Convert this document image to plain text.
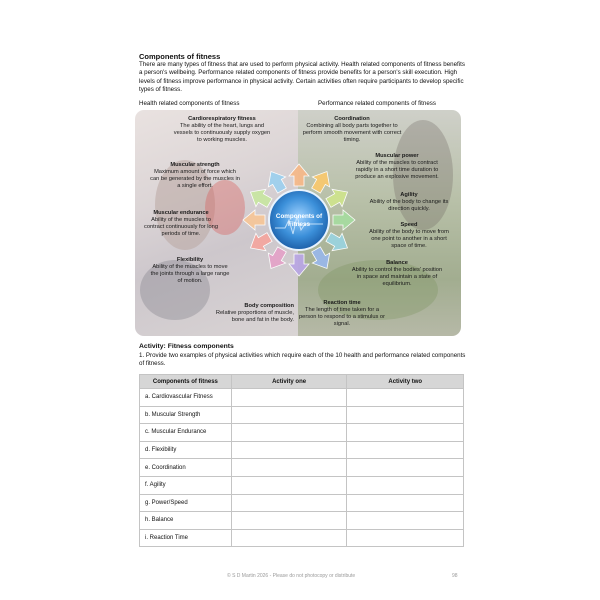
Components of fitness
There are many types of fitness that are used to perform physical activity. Health related components of fitness benefits a person's wellbeing. Performance related components of fitness provide benefits for a person's skill execution. High levels of fitness improve performance in physical activity. Certain activities often require participants to develop specific types of fitness.
Health related components of fitness	Performance related components of fitness
Components of Fitness
Cardiorespiratory fitness
The ability of the heart, lungs and vessels to continuously supply oxygen to working muscles.
Muscular strength
Maximum amount of force which can be generated by the muscles in a single effort.
Muscular endurance
Ability of the muscles to contract continuously for long periods of time.
Flexibility
Ability of the muscles to move the joints through a large range of motion.
Body composition
Relative proportions of muscle, bone and fat in the body.
Coordination
Combining all body parts together to perform smooth movement with correct timing.
Muscular power
Ability of the muscles to contract rapidly in a short time duration to produce an explosive movement.
Agility
Ability of the body to change its direction quickly.
Speed
Ability of the body to move from one point to another in a short space of time.
Balance
Ability to control the bodies' position in space and maintain a state of equilibrium.
Reaction time
The length of time taken for a person to respond to a stimulus or signal.
Activity: Fitness components
1. Provide two examples of physical activities which require each of the 10 health and performance related components of fitness.
Components of fitness	Activity one	Activity two
a. Cardiovascular Fitness		
b. Muscular Strength		
c. Muscular Endurance		
d. Flexibility		
e. Coordination		
f. Agility		
g. Power/Speed		
h. Balance		
i. Reaction Time		
© S D Martin 2026 - Please do not photocopy or distribute	98
